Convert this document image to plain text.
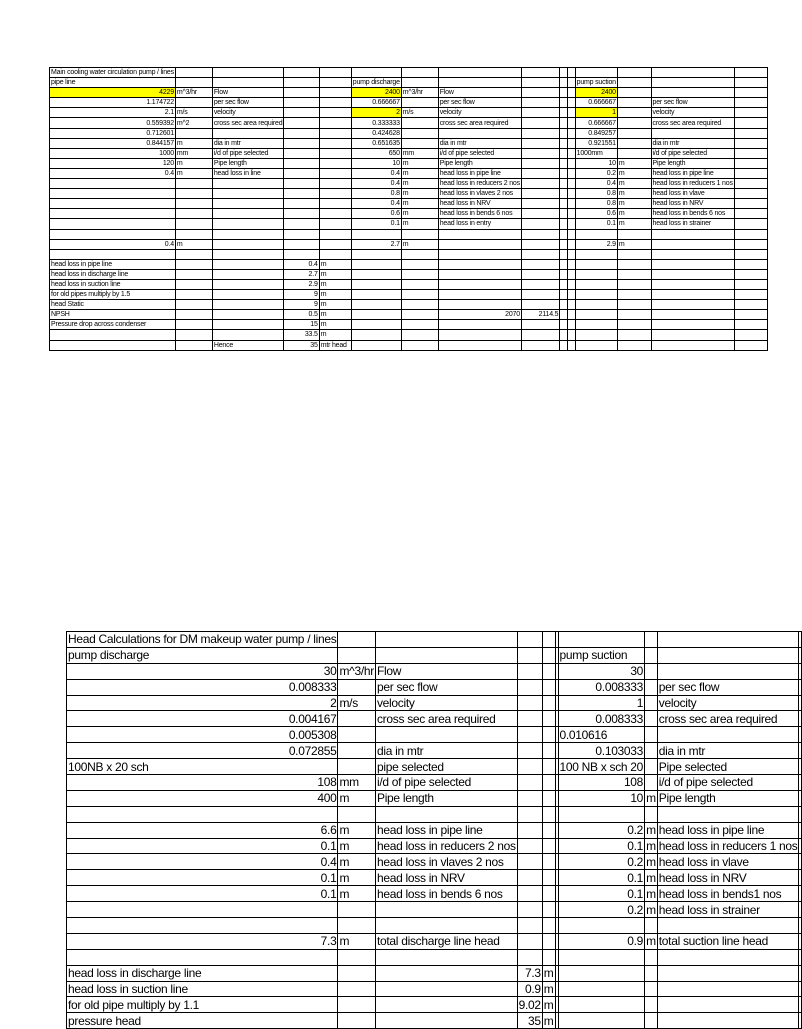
Main cooling water circulation pump / lines														
pipe line					pump discharge						pump suction			
4229	m^3/hr	Flow			2400	m^3/hr	Flow				2400			
1.174722		per sec flow			0.666667		per sec flow				0.666667		per sec flow	
2.1	m/s	velocity			2	m/s	velocity				1		velocity	
0.559392	m^2	cross sec area required			0.333333		cross sec area required				0.666667		cross sec area required	
0.712601					0.424628						0.849257			
0.844157	m	dia in mtr			0.651635		dia in mtr				0.921551		dia in mtr	
1000	mm	i/d of pipe selected			650	mm	i/d of pipe selected				1000mm		i/d of pipe selected	
120	m	Pipe length			10	m	Pipe length				10	m	Pipe length	
0.4	m	head loss in line			0.4	m	head loss in pipe line				0.2	m	head loss in pipe line	
					0.4	m	head loss in reducers 2 nos				0.4	m	head loss in reducers 1 nos	
					0.8	m	head loss in vlaves 2 nos				0.8	m	head loss in vlave	
					0.4	m	head loss in NRV				0.8	m	head loss in NRV	
					0.6	m	head loss in bends 6 nos				0.6	m	head loss in bends 6 nos	
					0.1	m	head loss in entry				0.1	m	head loss in strainer	

0.4	m				2.7	m					2.9	m		

head loss in pipe line			0.4	m										
head loss in discharge line			2.7	m										
head loss in suction line			2.9	m										
for old pipes multiply by 1.5			9	m										
head Static			9	m										
NPSH			0.5	m			2070	2114.5						
Pressure drop across condenser			15	m										
			33.5	m										
		Hence	35	mtr head										
Head Calculations for DM makeup water pump / lines									
pump discharge						pump suction			
30	m^3/hr	Flow				30			
0.008333		per sec flow				0.008333		per sec flow	
2	m/s	velocity				1		velocity	
0.004167		cross sec area required				0.008333		cross sec area required	
0.005308						0.010616			
0.072855		dia in mtr				0.103033		dia in mtr	
100NB x 20 sch		pipe selected				100 NB x sch 20		Pipe selected	
108	mm	i/d of pipe selected				108		i/d of pipe selected	
400	m	Pipe length				10	m	Pipe length	

6.6	m	head loss in pipe line				0.2	m	head loss in pipe line	
0.1	m	head loss in reducers 2 nos				0.1	m	head loss in reducers 1 nos	
0.4	m	head loss in vlaves 2 nos				0.2	m	head loss in vlave	
0.1	m	head loss in NRV				0.1	m	head loss in NRV	
0.1	m	head loss in bends 6 nos				0.1	m	head loss in bends1 nos	
						0.2	m	head loss in strainer	

7.3	m	total discharge line head				0.9	m	total suction line head	

head loss in discharge line			7.3	m					
head loss in suction line			0.9	m					
for old pipe multiply by 1.1			9.02	m					
pressure head			35	m					
